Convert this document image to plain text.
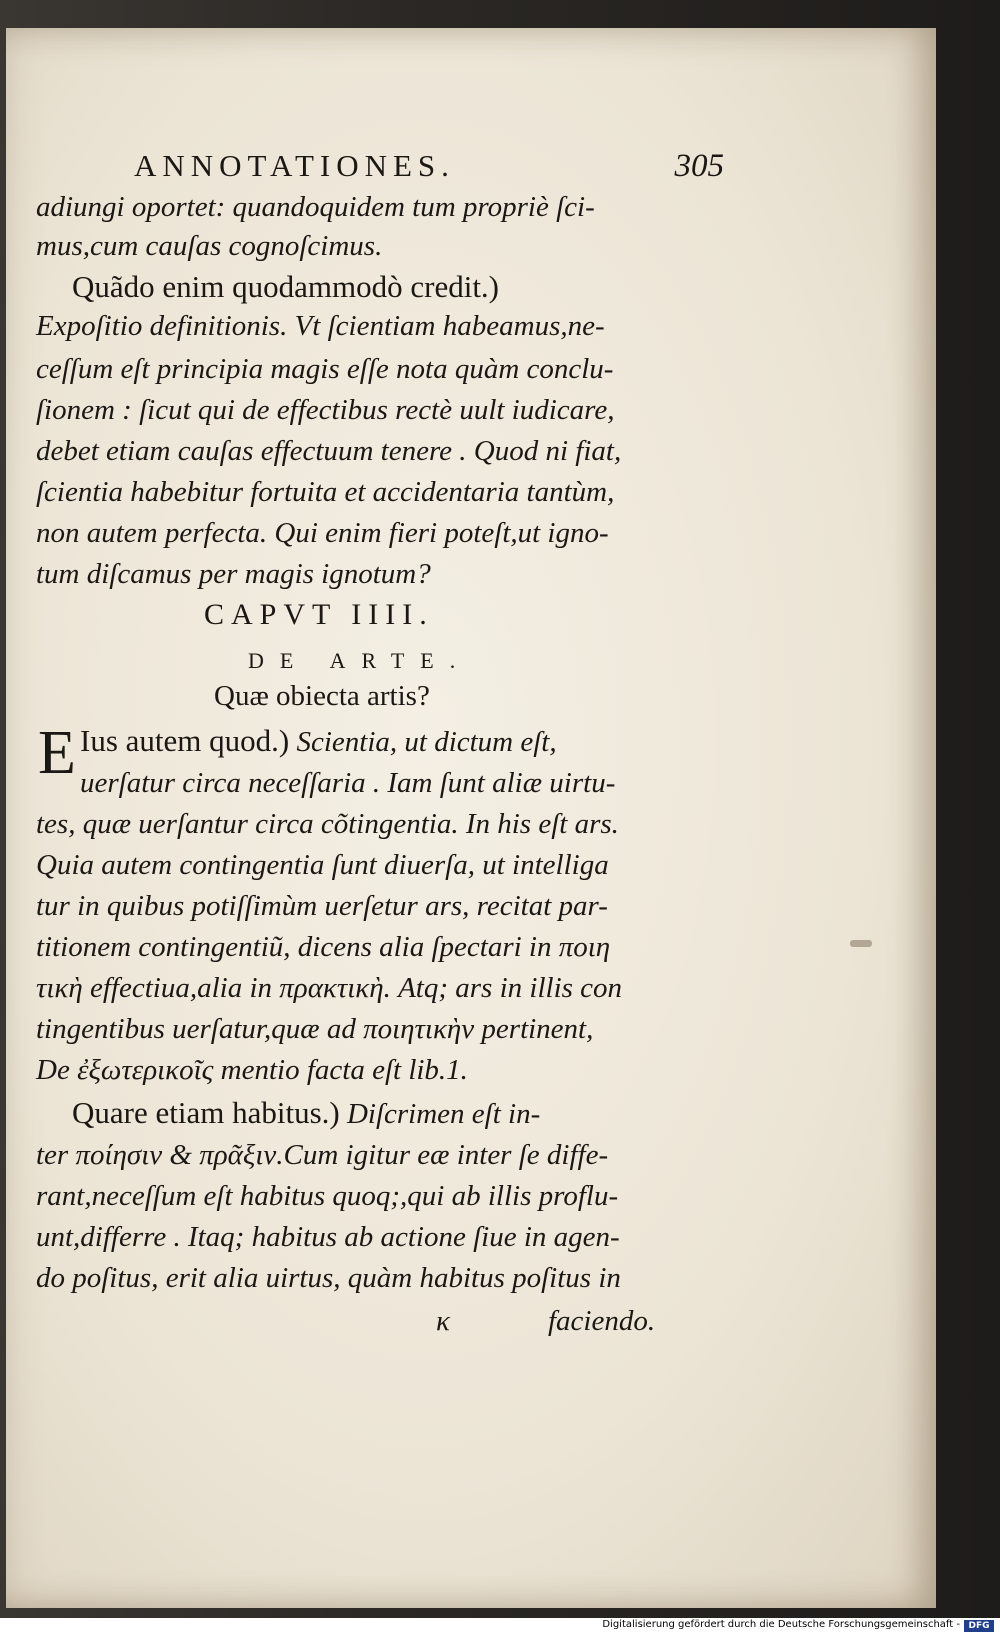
ANNOTATIONES.	305
adiungi oportet: quandoquidem tum propriè ſci-
mus,cum cauſas cognoſcimus.
Quãdo enim quodammodò credit.)
Expoſitio definitionis. Vt ſcientiam habeamus,ne-
ceſſum eſt principia magis eſſe nota quàm conclu-
ſionem : ſicut qui de effectibus rectè uult iudicare,
debet etiam cauſas effectuum tenere . Quod ni fiat,
ſcientia habebitur fortuita et accidentaria tantùm,
non autem perfecta. Qui enim fieri poteſt,ut igno-
tum diſcamus per magis ignotum?
CAPVT IIII.
DE ARTE.
Quæ obiecta artis?
E Ius autem quod.) Scientia, ut dictum eſt,
uerſatur circa neceſſaria . Iam ſunt aliæ uirtu-
tes, quæ uerſantur circa cõtingentia. In his eſt ars.
Quia autem contingentia ſunt diuerſa, ut intelliga
tur in quibus potiſſimùm uerſetur ars, recitat par-
titionem contingentiũ, dicens alia ſpectari in ποιη
τικὴ effectiua,alia in πρακτικὴ. Atq; ars in illis con
tingentibus uerſatur,quæ ad ποιητικὴν pertinent,
De ἐξωτερικοῖς mentio facta eſt lib.1.
Quare etiam habitus.) Diſcrimen eſt in-
ter ποίησιν & πρᾶξιν.Cum igitur eæ inter ſe diffe-
rant,neceſſum eſt habitus quoq;,qui ab illis proflu-
unt,differre . Itaq; habitus ab actione ſiue in agen-
do poſitus, erit alia uirtus, quàm habitus poſitus in
κ	faciendo.
Digitalisierung gefördert durch die Deutsche Forschungsgemeinschaft - DFG
